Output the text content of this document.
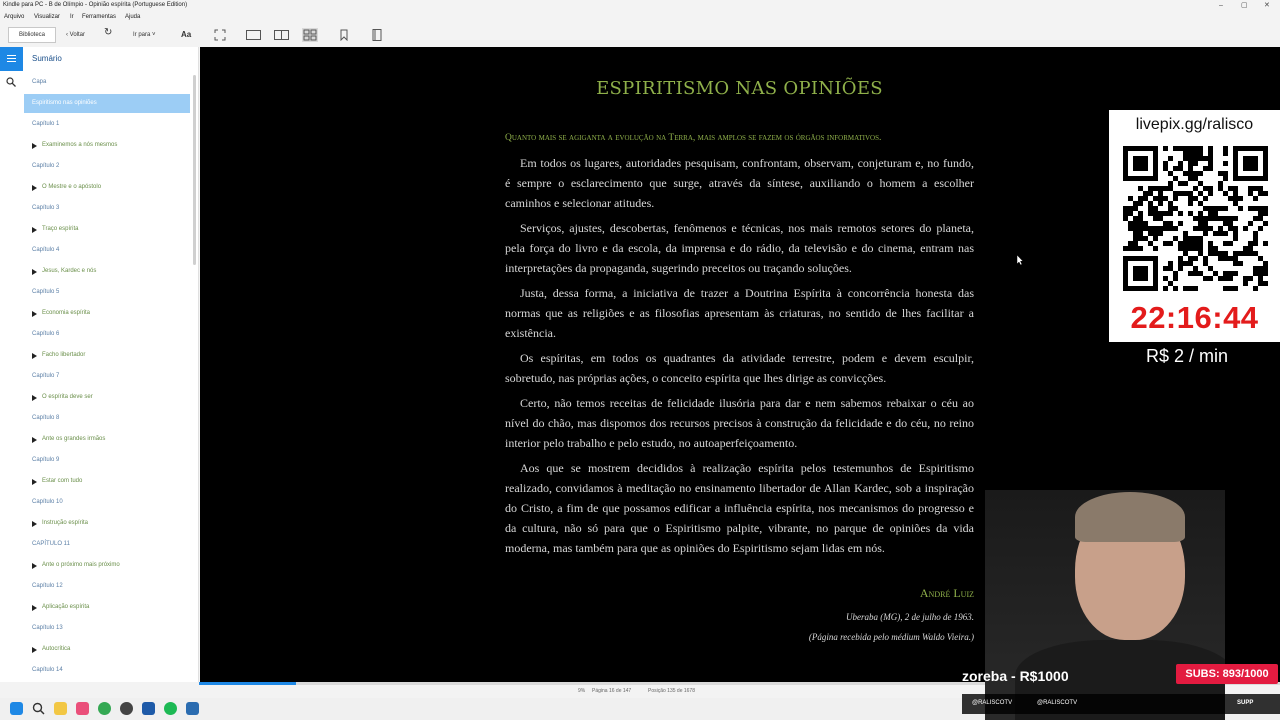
Kindle para PC - B de Olímpio - Opinião espírita (Portuguese Edition)	–	▢ ✕
Arquivo Visualizar Ir Ferramentas Ajuda
Biblioteca	‹ Voltar ↻	Ir para ˅	Aa
Sumário
Capa
Espiritismo nas opiniões
Capítulo 1
Examinemos a nós mesmos
Capítulo 2
O Mestre e o apóstolo
Capítulo 3
Traço espírita
Capítulo 4
Jesus, Kardec e nós
Capítulo 5
Economia espírita
Capítulo 6
Facho libertador
Capítulo 7
O espírita deve ser
Capítulo 8
Ante os grandes irmãos
Capítulo 9
Estar com tudo
Capítulo 10
Instrução espírita
CAPÍTULO 11
Ante o próximo mais próximo
Capítulo 12
Aplicação espírita
Capítulo 13
Autocrítica
Capítulo 14
ESPIRITISMO NAS OPINIÕES
Quanto mais se agiganta a evolução na Terra, mais amplos se fazem os órgãos informativos.
Em todos os lugares, autoridades pesquisam, confrontam, observam, conjeturam e, no fundo, é sempre o esclarecimento que surge, através da síntese, auxiliando o homem a escolher caminhos e selecionar atitudes.
Serviços, ajustes, descobertas, fenômenos e técnicas, nos mais remotos setores do planeta, pela força do livro e da escola, da imprensa e do rádio, da televisão e do cinema, entram nas interpretações da propaganda, sugerindo preceitos ou traçando soluções.
Justa, dessa forma, a iniciativa de trazer a Doutrina Espírita à concorrência honesta das normas que as religiões e as filosofias apresentam às criaturas, no sentido de lhes facilitar a existência.
Os espíritas, em todos os quadrantes da atividade terrestre, podem e devem esculpir, sobretudo, nas próprias ações, o conceito espírita que lhes dirige as convicções.
Certo, não temos receitas de felicidade ilusória para dar e nem sabemos rebaixar o céu ao nível do chão, mas dispomos dos recursos precisos à construção da felicidade e do céu, no reino interior pelo trabalho e pelo estudo, no autoaperfeiçoamento.
Aos que se mostrem decididos à realização espírita pelos testemunhos de Espiritismo realizado, convidamos à meditação no ensinamento libertador de Allan Kardec, sob a inspiração do Cristo, a fim de que possamos edificar a influência espírita, nos mecanismos do progresso e da cultura, não só para que o Espiritismo palpite, vibrante, no parque de opiniões da vida moderna, mas também para que as opiniões do Espiritismo sejam lidas em nós.
André Luiz
Uberaba (MG), 2 de julho de 1963.
(Página recebida pelo médium Waldo Vieira.)
9% Página 16 de 147	Posição 135 de 1678
livepix.gg/ralisco
22:16:44
R$ 2 / min
zoreba - R$1000	SUBS: 893/1000
@RALISCOTV	@RALISCOTV	SUPP
